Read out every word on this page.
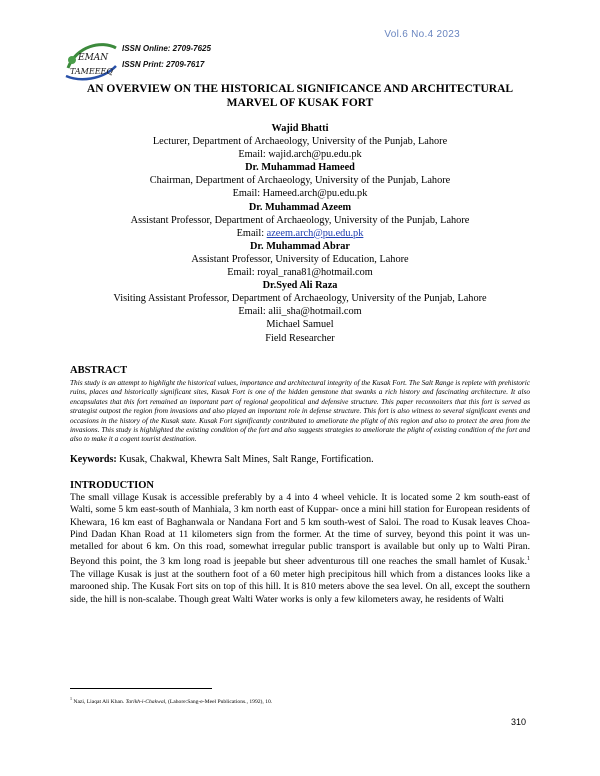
Vol.6 No.4 2023
EMAN
TAMEEEQ
ISSN Online: 2709-7625
ISSN Print: 2709-7617
AN OVERVIEW ON THE HISTORICAL SIGNIFICANCE AND ARCHITECTURAL
MARVEL OF KUSAK FORT
Wajid Bhatti
Lecturer, Department of Archaeology, University of the Punjab, Lahore
Email: wajid.arch@pu.edu.pk
Dr. Muhammad Hameed
Chairman, Department of Archaeology, University of the Punjab, Lahore
Email: Hameed.arch@pu.edu.pk
Dr. Muhammad Azeem
Assistant Professor, Department of Archaeology, University of the Punjab, Lahore
Email: azeem.arch@pu.edu.pk
Dr. Muhammad Abrar
Assistant Professor, University of Education, Lahore
Email: royal_rana81@hotmail.com
Dr.Syed Ali Raza
Visiting Assistant Professor, Department of Archaeology, University of the Punjab, Lahore
Email: alii_sha@hotmail.com
Michael Samuel
Field Researcher
ABSTRACT
This study is an attempt to highlight the historical values, importance and architectural integrity of the Kusak Fort. The Salt Range is replete with prehistoric ruins, places and historically significant sites, Kusak Fort is one of the hidden gemstone that swanks a rich history and fascinating architecture. It also encapsulates that this fort remained an important part of regional geopolitical and defensive structure. This paper reconnoiters that this fort is served as strategist outpost the region from invasions and also played an important role in defense structure. This fort is also witness to several significant events and occasions in the history of the Kusak state. Kusak Fort significantly contributed to ameliorate the plight of this region and also to protect the area from the invasions. This study is highlighted the existing condition of the fort and also suggests strategies to ameliorate the plight of existing condition of the fort and also to make it a cogent tourist destination.
Keywords: Kusak, Chakwal, Khewra Salt Mines, Salt Range, Fortification.
INTRODUCTION
The small village Kusak is accessible preferably by a 4 into 4 wheel vehicle. It is located some 2 km south-east of Walti, some 5 km east-south of Manhiala, 3 km north east of Kuppar- once a mini hill station for European residents of Khewara, 16 km east of Baghanwala or Nandana Fort and 5 km south-west of Saloi. The road to Kusak leaves Choa-Pind Dadan Khan Road at 11 kilometers sign from the former. At the time of survey, beyond this point it was un-metalled for about 6 km. On this road, somewhat irregular public transport is available but only up to Walti Piran. Beyond this point, the 3 km long road is jeepable but sheer adventurous till one reaches the small hamlet of Kusak.$^1$ The village Kusak is just at the southern foot of a 60 meter high precipitous hill which from a distances looks like a marooned ship. The Kusak Fort sits on top of this hill. It is 810 meters above the sea level. On all, except the southern side, the hill is non-scalabe. Though great Walti Water works is only a few kilometers away, he residents of Walti
$^1$ Nazi, Liaqat Ali Khan. Tarikh-i-Chakwal, (Lahore:Sang-e-Meel Publications., 1992), 10.
310
